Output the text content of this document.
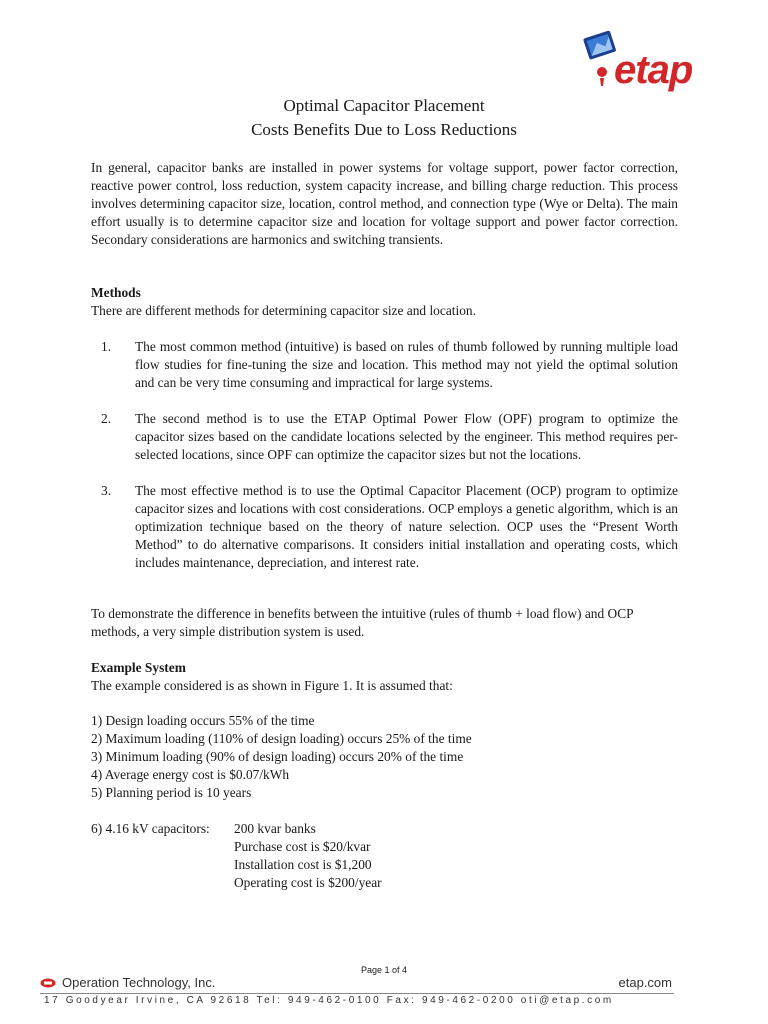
etap
Optimal Capacitor Placement
Costs Benefits Due to Loss Reductions

In general, capacitor banks are installed in power systems for voltage support, power factor correction, reactive power control, loss reduction, system capacity increase, and billing charge reduction. This process involves determining capacitor size, location, control method, and connection type (Wye or Delta). The main effort usually is to determine capacitor size and location for voltage support and power factor correction. Secondary considerations are harmonics and switching transients.

Methods
There are different methods for determining capacitor size and location.
1. The most common method (intuitive) is based on rules of thumb followed by running multiple load flow studies for fine-tuning the size and location. This method may not yield the optimal solution and can be very time consuming and impractical for large systems.

2. The second method is to use the ETAP Optimal Power Flow (OPF) program to optimize the capacitor sizes based on the candidate locations selected by the engineer. This method requires per-selected locations, since OPF can optimize the capacitor sizes but not the locations.

3. The most effective method is to use the Optimal Capacitor Placement (OCP) program to optimize capacitor sizes and locations with cost considerations. OCP employs a genetic algorithm, which is an optimization technique based on the theory of nature selection. OCP uses the “Present Worth Method” to do alternative comparisons. It considers initial installation and operating costs, which includes maintenance, depreciation, and interest rate.

To demonstrate the difference in benefits between the intuitive (rules of thumb + load flow) and OCP methods, a very simple distribution system is used.

Example System
The example considered is as shown in Figure 1. It is assumed that:
1) Design loading occurs 55% of the time
2) Maximum loading (110% of design loading) occurs 25% of the time
3) Minimum loading (90% of design loading) occurs 20% of the time
4) Average energy cost is $0.07/kWh
5) Planning period is 10 years
6) 4.16 kV capacitors: 200 kvar banks
Purchase cost is $20/kvar
Installation cost is $1,200
Operating cost is $200/year
Page 1 of 4
Operation Technology, Inc.	etap.com
17 Goodyear Irvine, CA 92618 Tel: 949-462-0100 Fax: 949-462-0200 oti@etap.com
